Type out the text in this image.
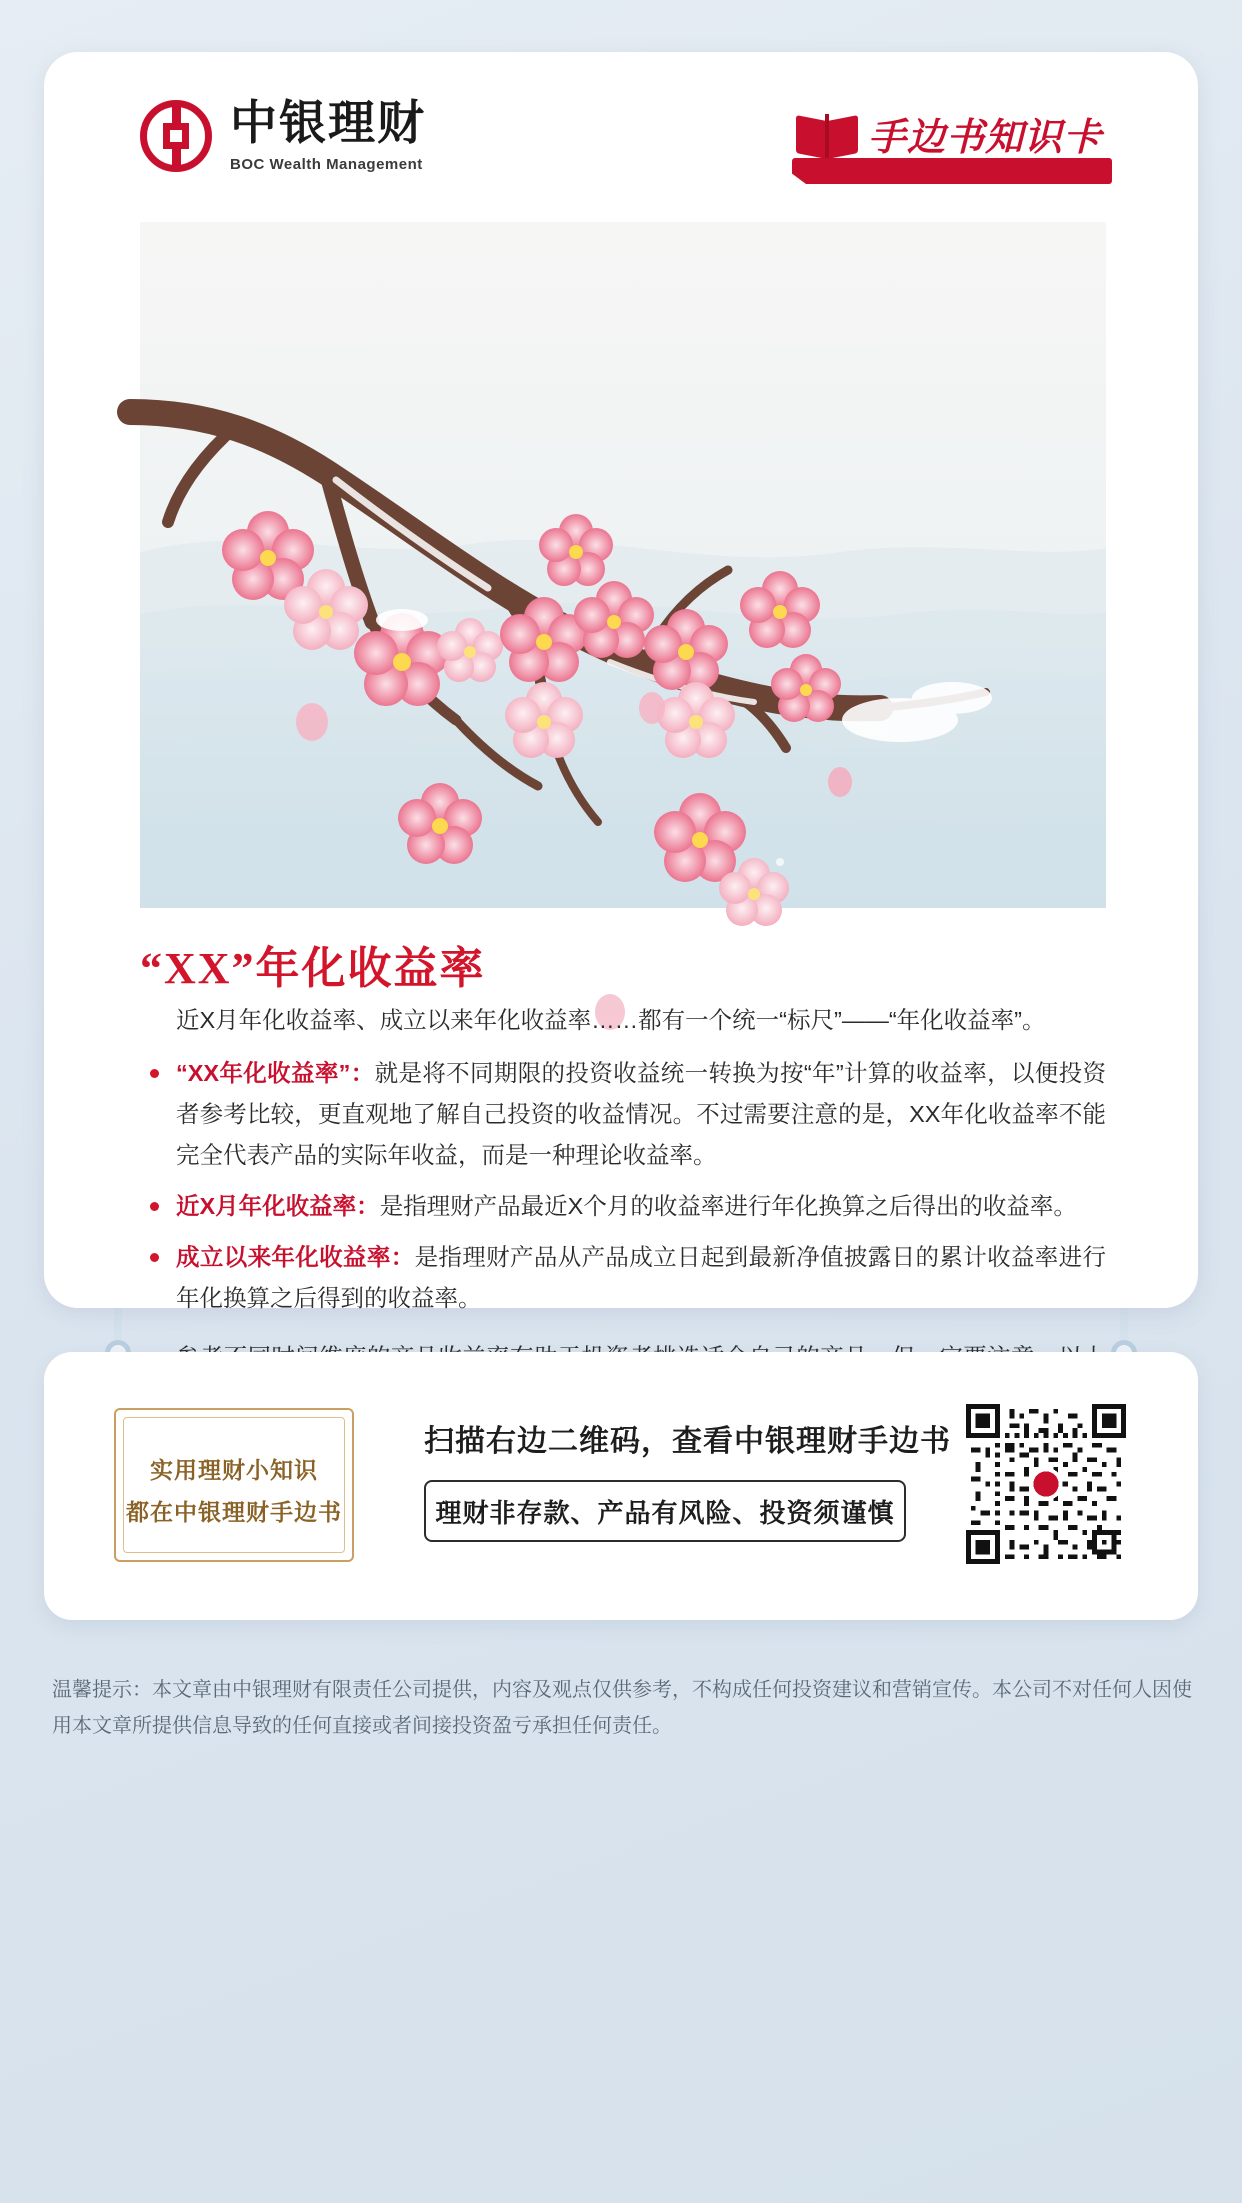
中银理财
BOC Wealth Management
手边书知识卡
“XX”年化收益率

近X月年化收益率、成立以来年化收益率……都有一个统一“标尺”——“年化收益率”。

“XX年化收益率”：就是将不同期限的投资收益统一转换为按“年”计算的收益率，以便投资者参考比较，更直观地了解自己投资的收益情况。不过需要注意的是，XX年化收益率不能完全代表产品的实际年收益，而是一种理论收益率。
近X月年化收益率：是指理财产品最近X个月的收益率进行年化换算之后得出的收益率。
成立以来年化收益率：是指理财产品从产品成立日起到最新净值披露日的累计收益率进行年化换算之后得到的收益率。

实用理财小知识
都在中银理财手边书
扫描右边二维码，查看中银理财手边书
理财非存款、产品有风险、投资须谨慎
温馨提示：本文章由中银理财有限责任公司提供，内容及观点仅供参考，不构成任何投资建议和营销宣传。本公司不对任何人因使用本文章所提供信息导致的任何直接或者间接投资盈亏承担任何责任。
